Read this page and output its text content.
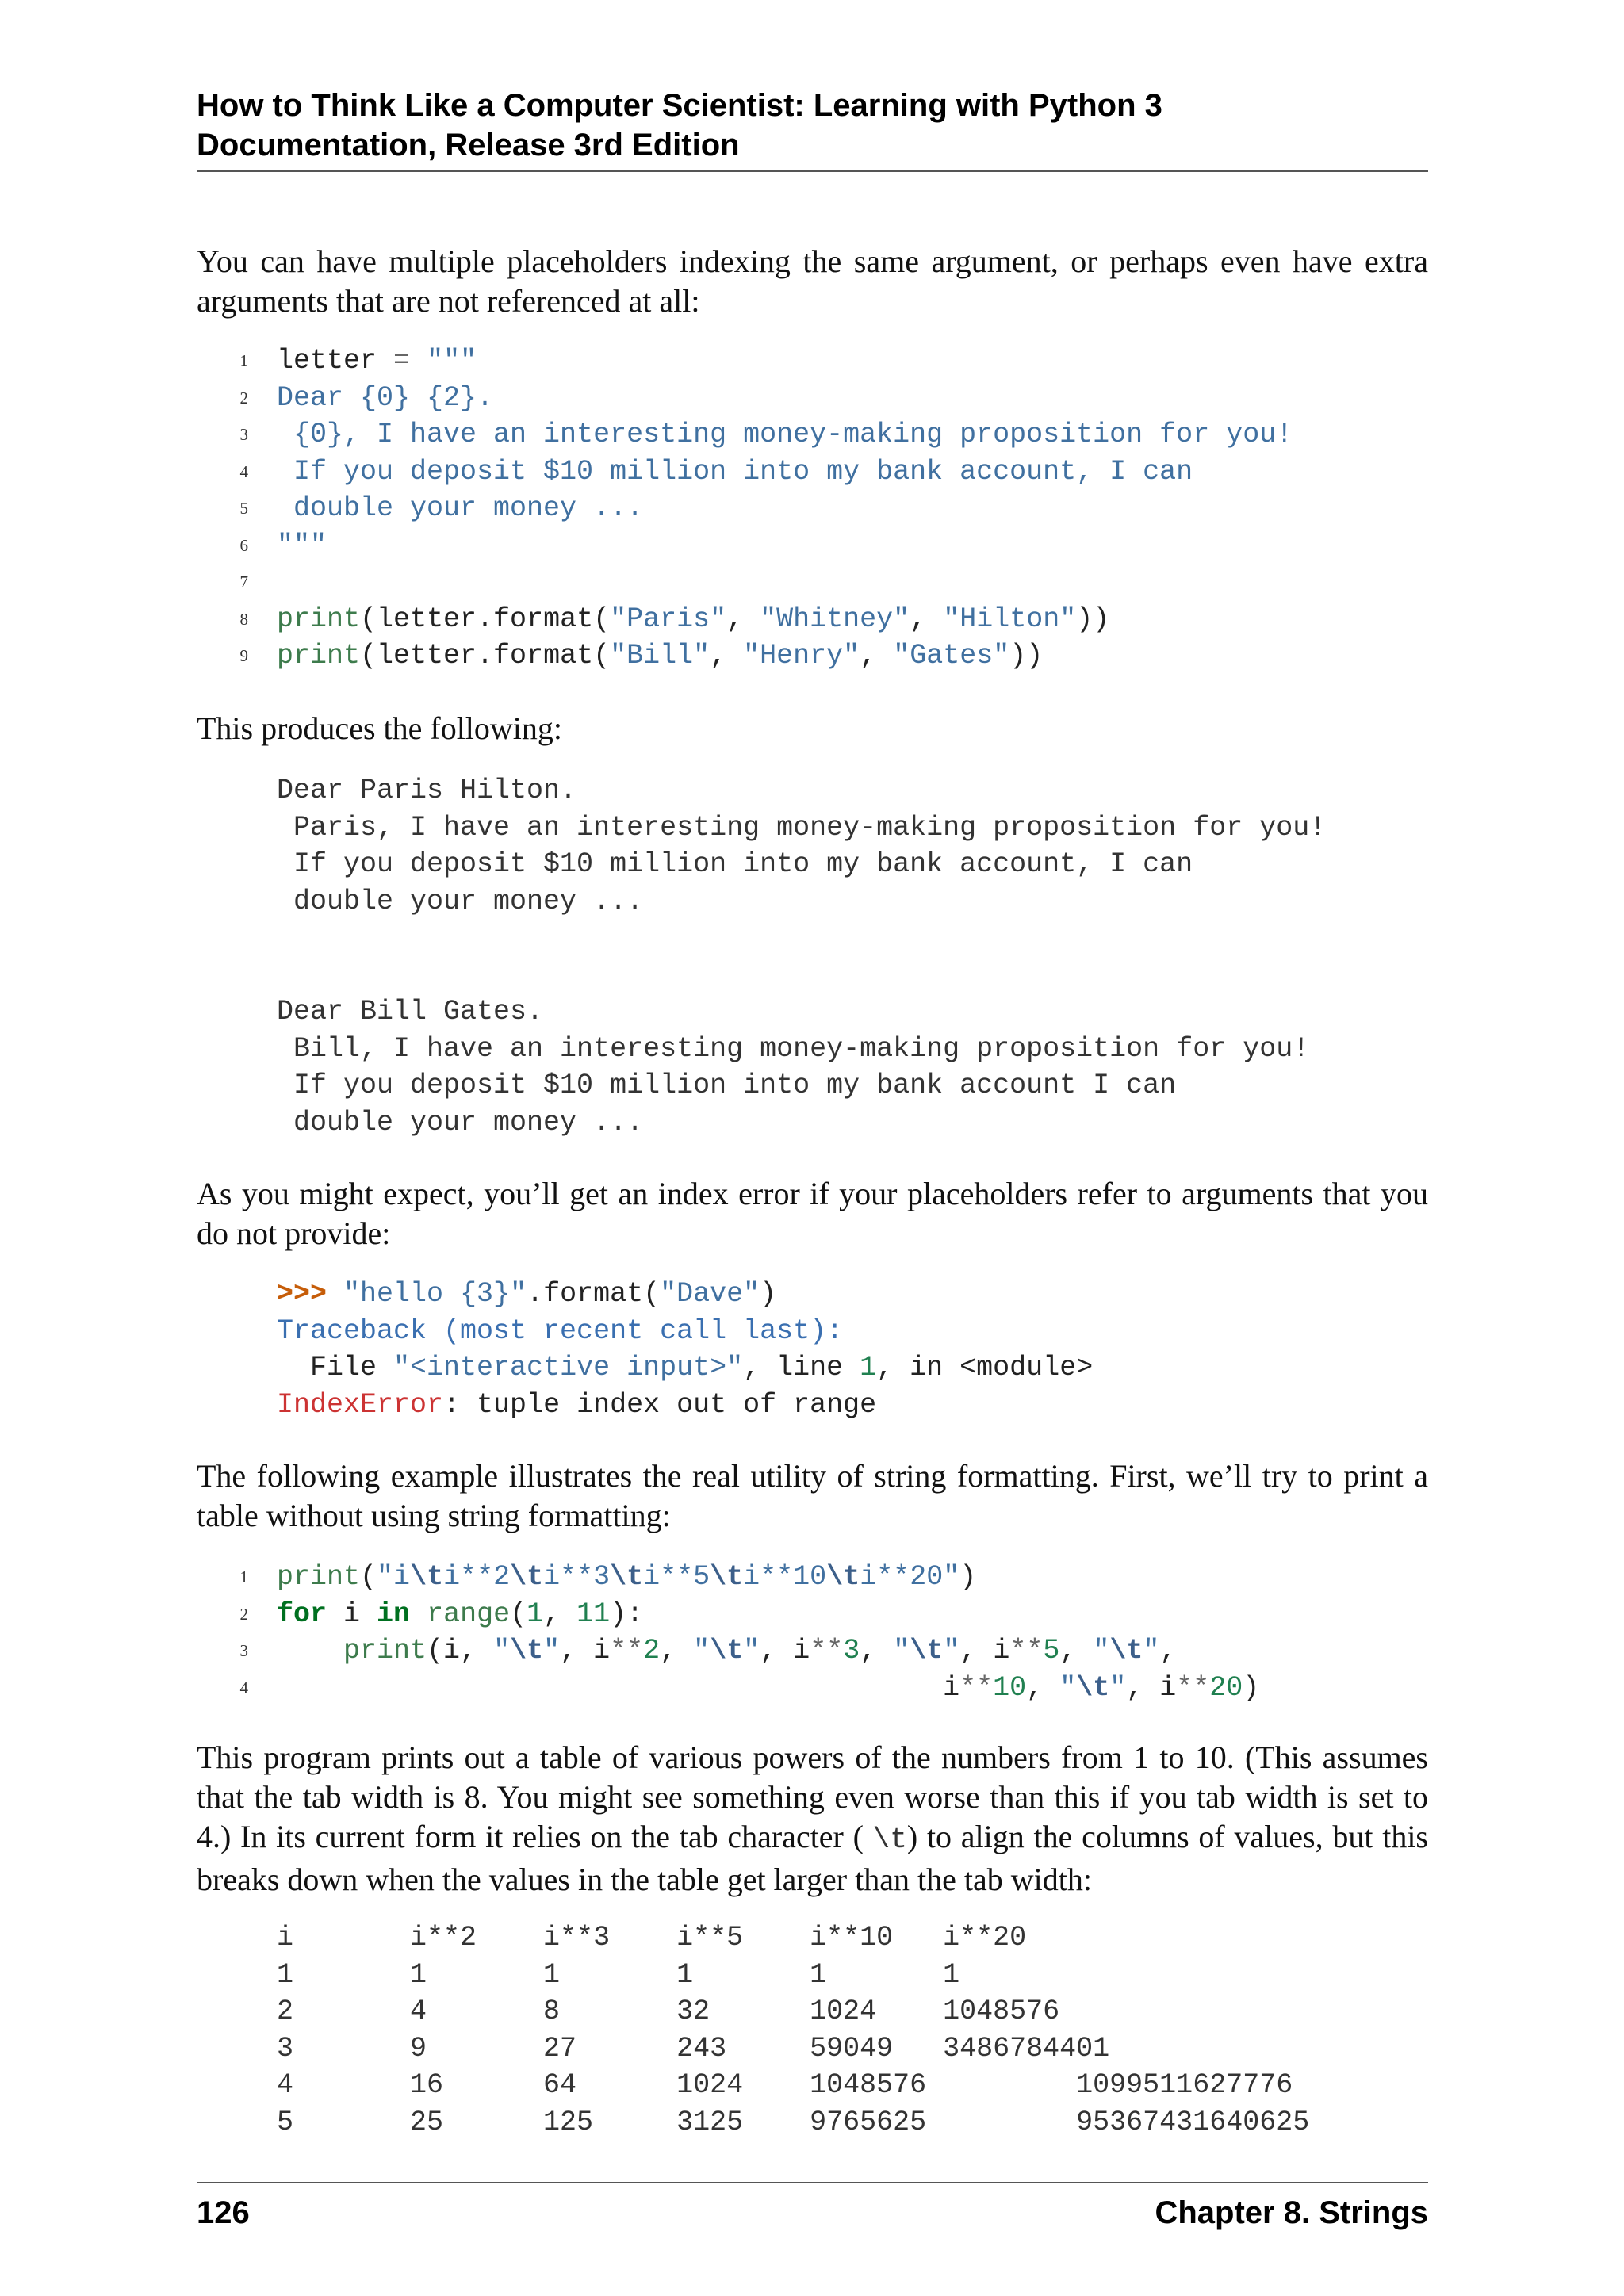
How to Think Like a Computer Scientist: Learning with Python 3
Documentation, Release 3rd Edition
You can have multiple placeholders indexing the same argument, or perhaps even have extra arguments that are not referenced at all:
1 letter = """
2 Dear {0} {2}.
3 {0}, I have an interesting money-making proposition for you!
4 If you deposit $10 million into my bank account, I can
5 double your money ...
6 """
7
8 print(letter.format("Paris", "Whitney", "Hilton"))
9 print(letter.format("Bill", "Henry", "Gates"))
This produces the following:
Dear Paris Hilton.
Paris, I have an interesting money-making proposition for you!
If you deposit $10 million into my bank account, I can
double your money ...
Dear Bill Gates.
Bill, I have an interesting money-making proposition for you!
If you deposit $10 million into my bank account I can
double your money ...
As you might expect, you’ll get an index error if your placeholders refer to arguments that you do not provide:
>>> "hello {3}".format("Dave")
Traceback (most recent call last):
File "<interactive input>", line 1, in <module>
IndexError: tuple index out of range
The following example illustrates the real utility of string formatting. First, we’ll try to print a table without using string formatting:
1 print("i\ti**2\ti**3\ti**5\ti**10\ti**20")
2 for i in range(1, 11):
3	print(i, "\t", i**2, "\t", i**3, "\t", i**5, "\t",
4 i**10, "\t", i**20)
This program prints out a table of various powers of the numbers from 1 to 10. (This assumes that the tab width is 8. You might see something even worse than this if you tab width is set to 4.) In its current form it relies on the tab character ( \t) to align the columns of values, but this breaks down when the values in the table get larger than the tab width:
i       i**2    i**3    i**5    i**10   i**20
1       1       1       1       1       1
2       4       8       32      1024    1048576
3       9       27      243     59049   3486784401
4       16      64      1024    1048576         1099511627776
5       25      125     3125    9765625         95367431640625
126	Chapter 8. Strings
